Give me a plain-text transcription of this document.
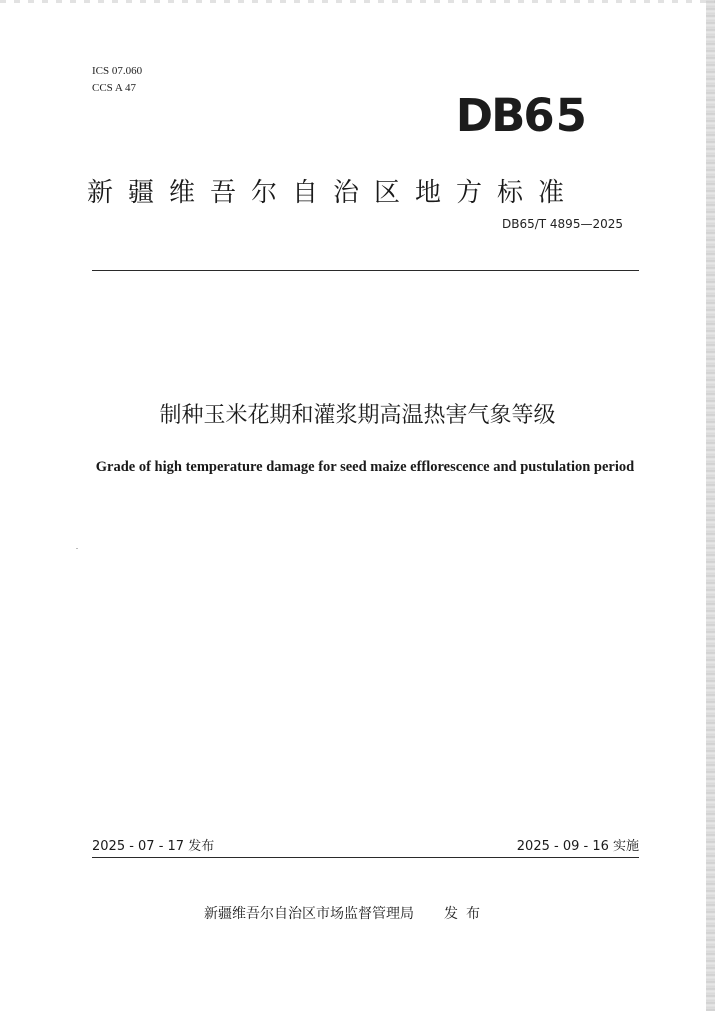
ICS 07.060
CCS A 47
DB65
新疆维吾尔自治区地方标准
DB65/T 4895—2025
制种玉米花期和灌浆期高温热害气象等级
Grade of high temperature damage for seed maize efflorescence and pustulation period
2025 - 07 - 17 发布	2025 - 09 - 16 实施
新疆维吾尔自治区市场监督管理局 发布
